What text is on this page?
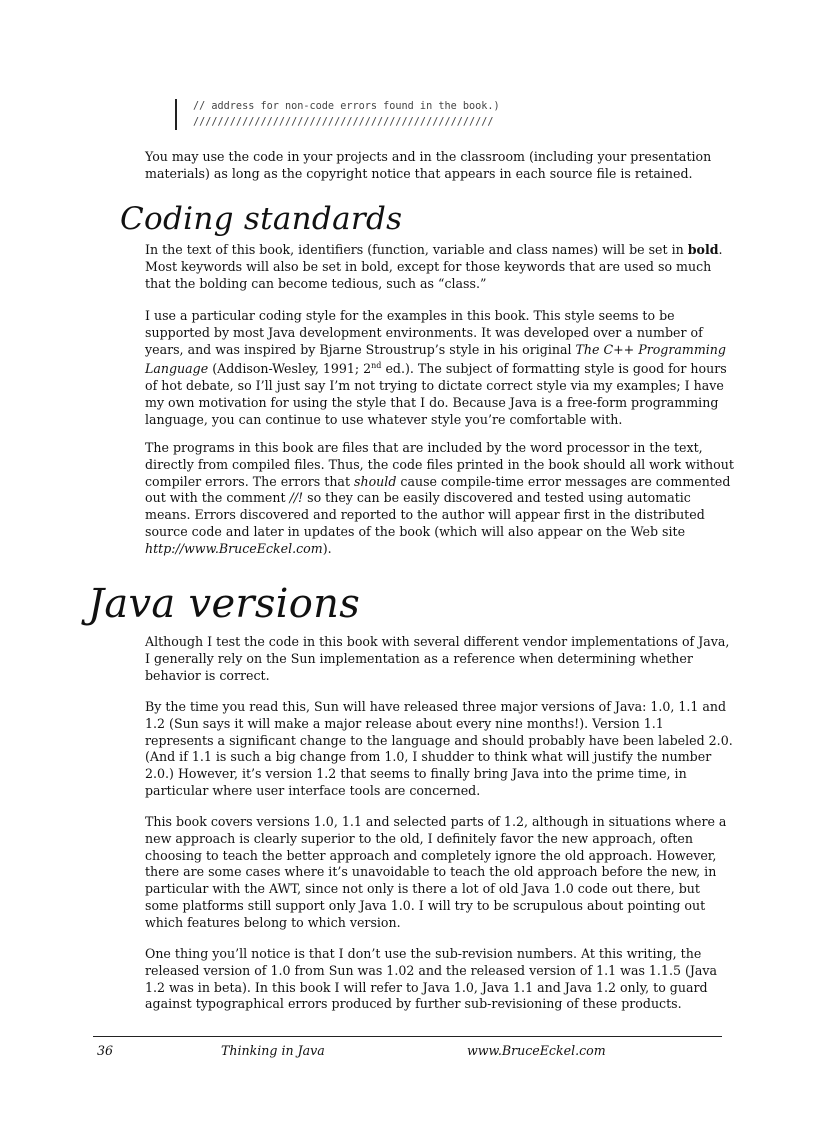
// address for non-code errors found in the book.)
/////////////////////////////////////////////////

You may use the code in your projects and in the classroom (including your presentation materials) as long as the copyright notice that appears in each source file is retained.

Coding standards

In the text of this book, identifiers (function, variable and class names) will be set in bold. Most keywords will also be set in bold, except for those keywords that are used so much that the bolding can become tedious, such as “class.”

I use a particular coding style for the examples in this book. This style seems to be supported by most Java development environments. It was developed over a number of years, and was inspired by Bjarne Stroustrup’s style in his original The C++ Programming Language (Addison-Wesley, 1991; 2nd ed.). The subject of formatting style is good for hours of hot debate, so I’ll just say I’m not trying to dictate correct style via my examples; I have my own motivation for using the style that I do. Because Java is a free-form programming language, you can continue to use whatever style you’re comfortable with.

The programs in this book are files that are included by the word processor in the text, directly from compiled files. Thus, the code files printed in the book should all work without compiler errors. The errors that should cause compile-time error messages are commented out with the comment //! so they can be easily discovered and tested using automatic means. Errors discovered and reported to the author will appear first in the distributed source code and later in updates of the book (which will also appear on the Web site http://www.BruceEckel.com).

Java versions

Although I test the code in this book with several different vendor implementations of Java, I generally rely on the Sun implementation as a reference when determining whether behavior is correct.

By the time you read this, Sun will have released three major versions of Java: 1.0, 1.1 and 1.2 (Sun says it will make a major release about every nine months!). Version 1.1 represents a significant change to the language and should probably have been labeled 2.0. (And if 1.1 is such a big change from 1.0, I shudder to think what will justify the number 2.0.) However, it’s version 1.2 that seems to finally bring Java into the prime time, in particular where user interface tools are concerned.

This book covers versions 1.0, 1.1 and selected parts of 1.2, although in situations where a new approach is clearly superior to the old, I definitely favor the new approach, often choosing to teach the better approach and completely ignore the old approach. However, there are some cases where it’s unavoidable to teach the old approach before the new, in particular with the AWT, since not only is there a lot of old Java 1.0 code out there, but some platforms still support only Java 1.0. I will try to be scrupulous about pointing out which features belong to which version.

One thing you’ll notice is that I don’t use the sub-revision numbers. At this writing, the released version of 1.0 from Sun was 1.02 and the released version of 1.1 was 1.1.5 (Java 1.2 was in beta). In this book I will refer to Java 1.0, Java 1.1 and Java 1.2 only, to guard against typographical errors produced by further sub-revisioning of these products.

36	Thinking in Java	www.BruceEckel.com
